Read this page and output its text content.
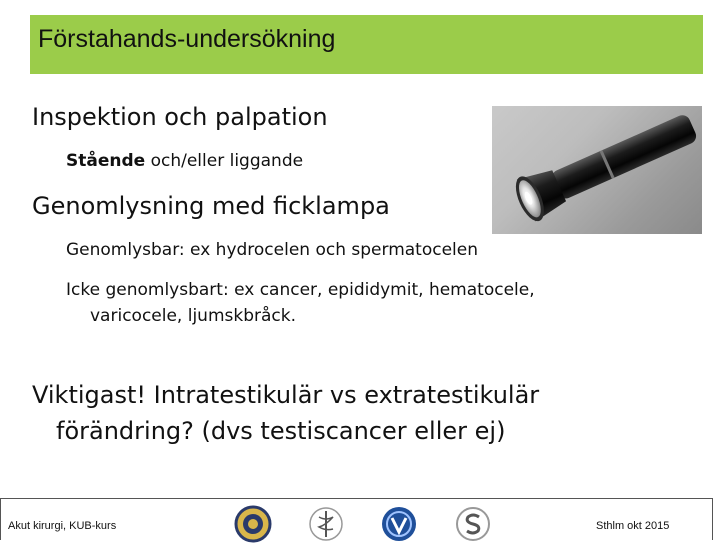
Förstahands-undersökning
Inspektion och palpation
Stående och/eller liggande
Genomlysning med ficklampa
Genomlysbar: ex hydrocelen och spermatocelen
Icke genomlysbart: ex cancer, epididymit, hematocele,
varicocele, ljumskbråck.
Viktigast! Intratestikulär vs extratestikulär
förändring? (dvs testiscancer eller ej)
Akut kirurgi, KUB-kurs	Sthlm okt 2015
